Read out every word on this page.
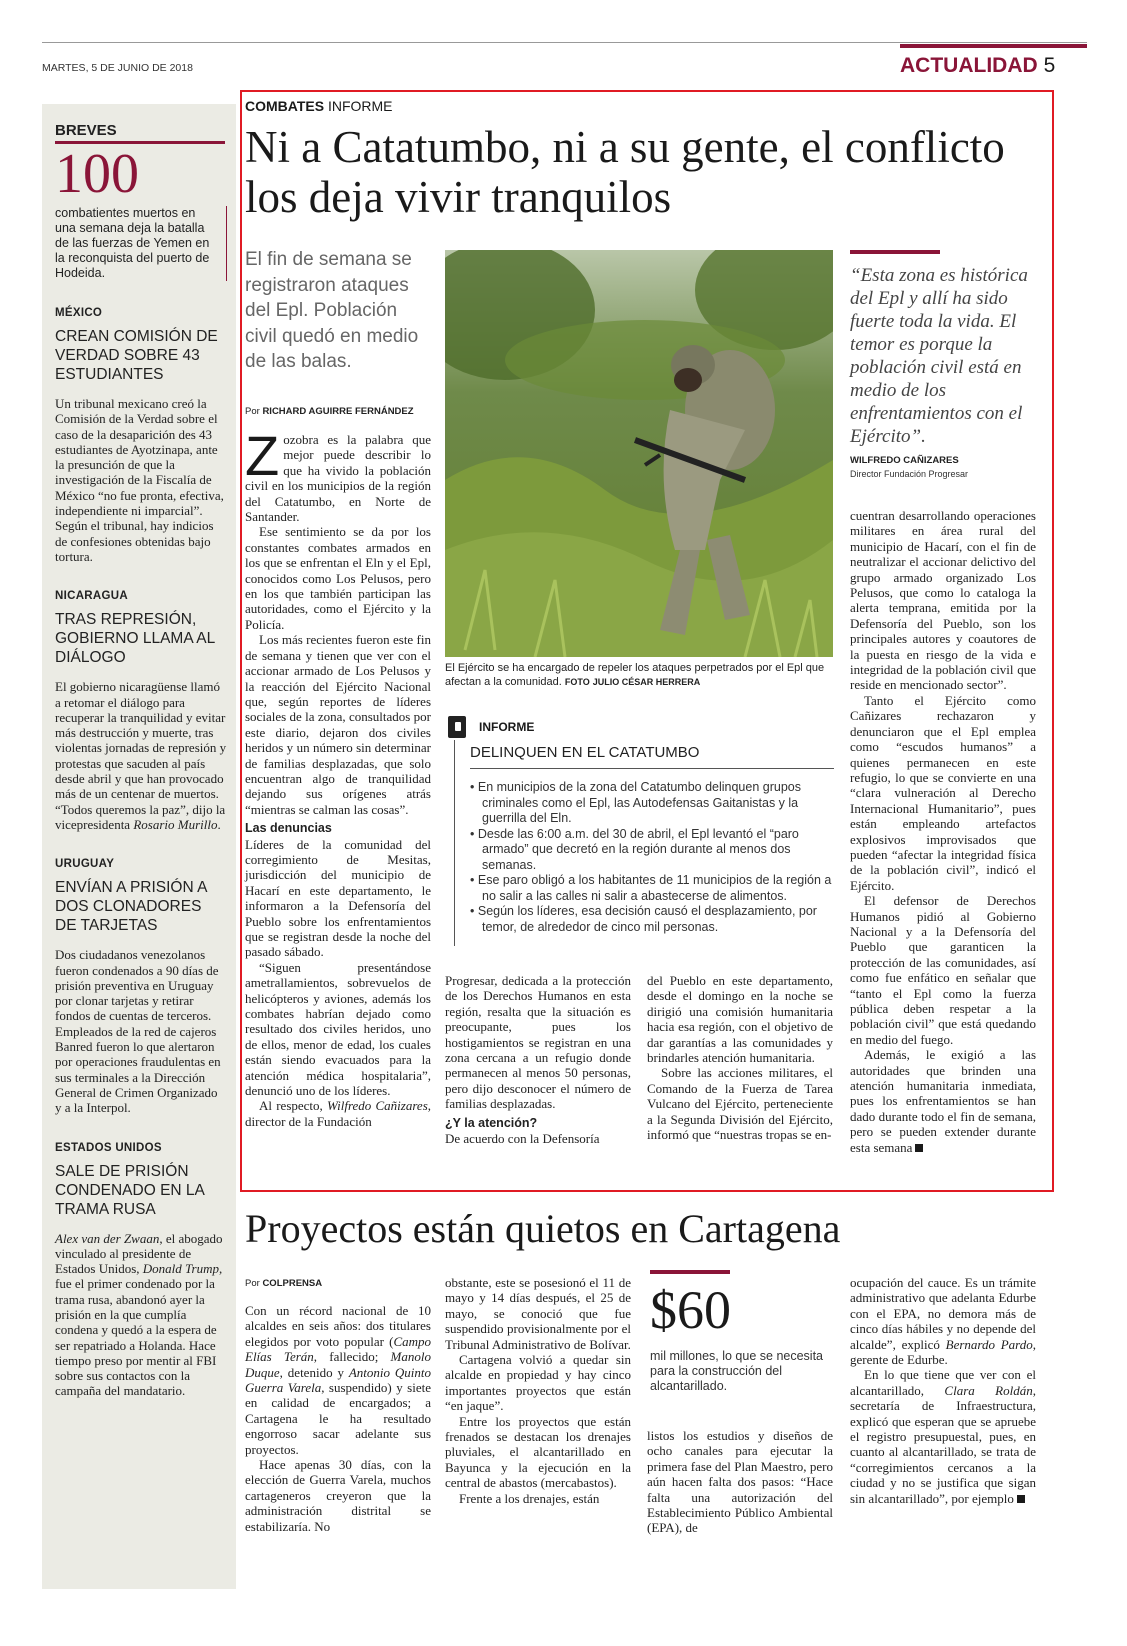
MARTES, 5 DE JUNIO DE 2018	ACTUALIDAD 5
BREVES
100
combatientes muertos en una semana deja la batalla de las fuerzas de Yemen en la reconquista del puerto de Hodeida.
MÉXICO
CREAN COMISIÓN DE VERDAD SOBRE 43 ESTUDIANTES
Un tribunal mexicano creó la Comisión de la Verdad sobre el caso de la desaparición des 43 estudiantes de Ayotzinapa, ante la presunción de que la investigación de la Fiscalía de México “no fue pronta, efectiva, independiente ni imparcial”. Según el tribunal, hay indicios de confesiones obtenidas bajo tortura.
NICARAGUA
TRAS REPRESIÓN, GOBIERNO LLAMA AL DIÁLOGO
El gobierno nicaragüense llamó a retomar el diálogo para recuperar la tranquilidad y evitar más destrucción y muerte, tras violentas jornadas de represión y protestas que sacuden al país desde abril y que han provocado más de un centenar de muertos. “Todos queremos la paz”, dijo la vicepresidenta Rosario Murillo.
URUGUAY
ENVÍAN A PRISIÓN A DOS CLONADORES DE TARJETAS
Dos ciudadanos venezolanos fueron condenados a 90 días de prisión preventiva en Uruguay por clonar tarjetas y retirar fondos de cuentas de terceros. Empleados de la red de cajeros Banred fueron lo que alertaron por operaciones fraudulentas en sus terminales a la Dirección General de Crimen Organizado y a la Interpol.
ESTADOS UNIDOS
SALE DE PRISIÓN CONDENADO EN LA TRAMA RUSA
Alex van der Zwaan, el abogado vinculado al presidente de Estados Unidos, Donald Trump, fue el primer condenado por la trama rusa, abandonó ayer la prisión en la que cumplía condena y quedó a la espera de ser repatriado a Holanda. Hace tiempo preso por mentir al FBI sobre sus contactos con la campaña del mandatario.
COMBATES INFORME
Ni a Catatumbo, ni a su gente, el conflicto los deja vivir tranquilos
El fin de semana se registraron ataques del Epl. Población civil quedó en medio de las balas.
Por RICHARD AGUIRRE FERNÁNDEZ

Zozobra es la palabra que mejor puede describir lo que ha vivido la población civil en los municipios de la región del Catatumbo, en Norte de Santander.

Ese sentimiento se da por los constantes combates armados en los que se enfrentan el Eln y el Epl, conocidos como Los Pelusos, pero en los que también participan las autoridades, como el Ejército y la Policía.

Los más recientes fueron este fin de semana y tienen que ver con el accionar armado de Los Pelusos y la reacción del Ejército Nacional que, según reportes de líderes sociales de la zona, consultados por este diario, dejaron dos civiles heridos y un número sin determinar de familias desplazadas, que solo encuentran algo de tranquilidad dejando sus orígenes atrás “mientras se calman las cosas”.

Las denuncias

Líderes de la comunidad del corregimiento de Mesitas, jurisdicción del municipio de Hacarí en este departamento, le informaron a la Defensoría del Pueblo sobre los enfrentamientos que se registran desde la noche del pasado sábado.

“Siguen presentándose ametrallamientos, sobrevuelos de helicópteros y aviones, además los combates habrían dejado como resultado dos civiles heridos, uno de ellos, menor de edad, los cuales están siendo evacuados para la atención médica hospitalaria”, denunció uno de los líderes.

Al respecto, Wilfredo Cañizares, director de la Fundación

El Ejército se ha encargado de repeler los ataques perpetrados por el Epl que afectan a la comunidad. FOTO JULIO CÉSAR HERRERA
INFORME
DELINQUEN EN EL CATATUMBO
• En municipios de la zona del Catatumbo delinquen grupos criminales como el Epl, las Autodefensas Gaitanistas y la guerrilla del Eln.
• Desde las 6:00 a.m. del 30 de abril, el Epl levantó el “paro armado” que decretó en la región durante al menos dos semanas.
• Ese paro obligó a los habitantes de 11 municipios de la región a no salir a las calles ni salir a abastecerse de alimentos.
• Según los líderes, esa decisión causó el desplazamiento, por temor, de alrededor de cinco mil personas.

Progresar, dedicada a la protección de los Derechos Humanos en esta región, resalta que la situación es preocupante, pues los hostigamientos se registran en una zona cercana a un refugio donde permanecen al menos 50 personas, pero dijo desconocer el número de familias desplazadas.

¿Y la atención?

De acuerdo con la Defensoría

del Pueblo en este departamento, desde el domingo en la noche se dirigió una comisión humanitaria hacia esa región, con el objetivo de dar garantías a las comunidades y brindarles atención humanitaria.

Sobre las acciones militares, el Comando de la Fuerza de Tarea Vulcano del Ejército, perteneciente a la Segunda División del Ejército, informó que “nuestras tropas se en-

“Esta zona es histórica del Epl y allí ha sido fuerte toda la vida. El temor es porque la población civil está en medio de los enfrentamientos con el Ejército”.
WILFREDO CAÑIZARES
Director Fundación Progresar

cuentran desarrollando operaciones militares en área rural del municipio de Hacarí, con el fin de neutralizar el accionar delictivo del grupo armado organizado Los Pelusos, que como lo cataloga la alerta temprana, emitida por la Defensoría del Pueblo, son los principales autores y coautores de la puesta en riesgo de la vida e integridad de la población civil que reside en mencionado sector”.

Tanto el Ejército como Cañizares rechazaron y denunciaron que el Epl emplea como “escudos humanos” a quienes permanecen en este refugio, lo que se convierte en una “clara vulneración al Derecho Internacional Humanitario”, pues están empleando artefactos explosivos improvisados que pueden “afectar la integridad física de la población civil”, indicó el Ejército.

El defensor de Derechos Humanos pidió al Gobierno Nacional y a la Defensoría del Pueblo que garanticen la protección de las comunidades, así como fue enfático en señalar que “tanto el Epl como la fuerza pública deben respetar a la población civil” que está quedando en medio del fuego.

Además, le exigió a las autoridades que brinden una atención humanitaria inmediata, pues los enfrentamientos se han dado durante todo el fin de semana, pero se pueden extender durante esta semana

Proyectos están quietos en Cartagena
Por COLPRENSA

Con un récord nacional de 10 alcaldes en seis años: dos titulares elegidos por voto popular (Campo Elías Terán, fallecido; Manolo Duque, detenido y Antonio Quinto Guerra Varela, suspendido) y siete en calidad de encargados; a Cartagena le ha resultado engorroso sacar adelante sus proyectos.

Hace apenas 30 días, con la elección de Guerra Varela, muchos cartageneros creyeron que la administración distrital se estabilizaría. No

obstante, este se posesionó el 11 de mayo y 14 días después, el 25 de mayo, se conoció que fue suspendido provisionalmente por el Tribunal Administrativo de Bolívar.

Cartagena volvió a quedar sin alcalde en propiedad y hay cinco importantes proyectos que están “en jaque”.

Entre los proyectos que están frenados se destacan los drenajes pluviales, el alcantarillado en Bayunca y la ejecución en la central de abastos (mercabastos).

Frente a los drenajes, están

$60
mil millones, lo que se necesita para la construcción del alcantarillado.

listos los estudios y diseños de ocho canales para ejecutar la primera fase del Plan Maestro, pero aún hacen falta dos pasos: “Hace falta una autorización del Establecimiento Público Ambiental (EPA), de

ocupación del cauce. Es un trámite administrativo que adelanta Edurbe con el EPA, no demora más de cinco días hábiles y no depende del alcalde”, explicó Bernardo Pardo, gerente de Edurbe.

En lo que tiene que ver con el alcantarillado, Clara Roldán, secretaría de Infraestructura, explicó que esperan que se apruebe el registro presupuestal, pues, en cuanto al alcantarillado, se trata de “corregimientos cercanos a la ciudad y no se justifica que sigan sin alcantarillado”, por ejemplo
